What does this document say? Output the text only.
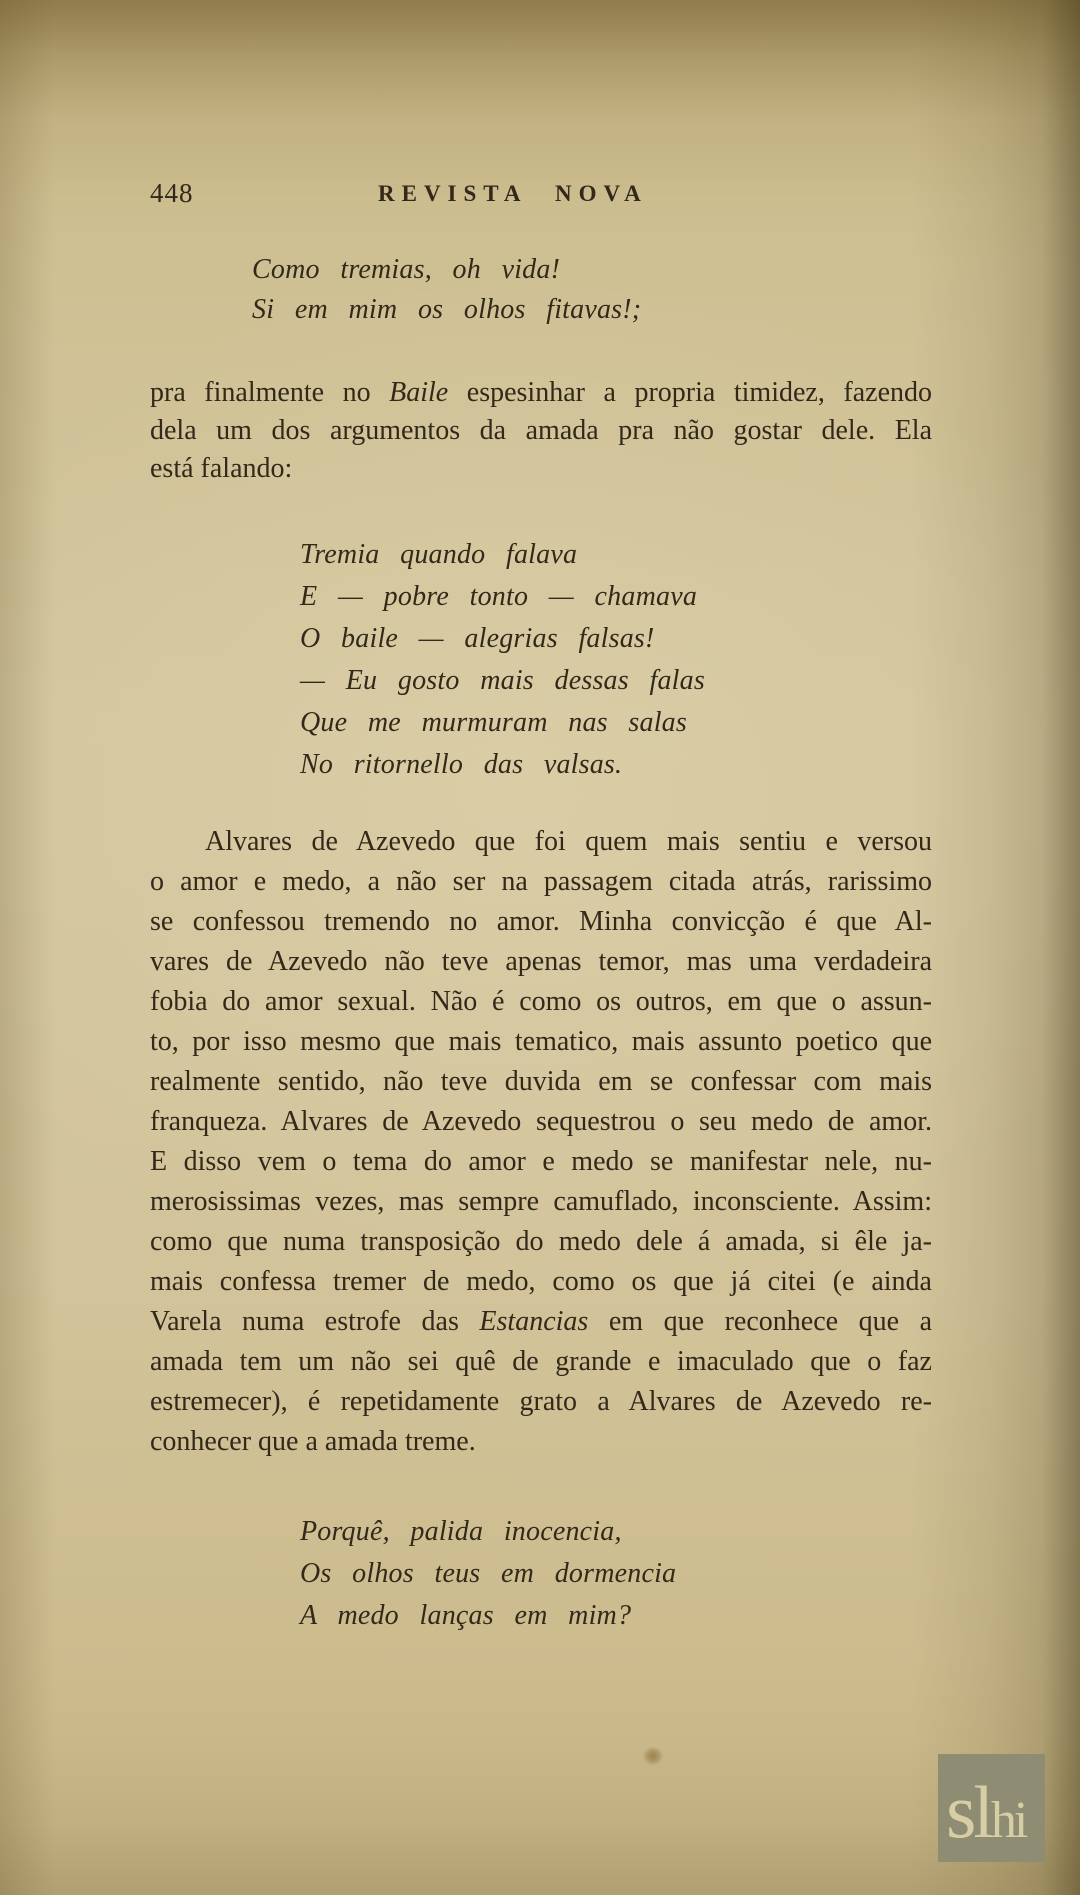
448	REVISTA NOVA
Como tremias, oh vida!
Si em mim os olhos fitavas!;
pra finalmente no Baile espesinhar a propria timidez, fazendo
dela um dos argumentos da amada pra não gostar dele. Ela
está falando:
Tremia quando falava
E — pobre tonto — chamava
O baile — alegrias falsas!
— Eu gosto mais dessas falas
Que me murmuram nas salas
No ritornello das valsas.
Alvares de Azevedo que foi quem mais sentiu e versou
o amor e medo, a não ser na passagem citada atrás, rarissimo
se confessou tremendo no amor. Minha convicção é que Al-
vares de Azevedo não teve apenas temor, mas uma verdadeira
fobia do amor sexual. Não é como os outros, em que o assun-
to, por isso mesmo que mais tematico, mais assunto poetico que
realmente sentido, não teve duvida em se confessar com mais
franqueza. Alvares de Azevedo sequestrou o seu medo de amor.
E disso vem o tema do amor e medo se manifestar nele, nu-
merosissimas vezes, mas sempre camuflado, inconsciente. Assim:
como que numa transposição do medo dele á amada, si êle ja-
mais confessa tremer de medo, como os que já citei (e ainda
Varela numa estrofe das Estancias em que reconhece que a
amada tem um não sei quê de grande e imaculado que o faz
estremecer), é repetidamente grato a Alvares de Azevedo re-
conhecer que a amada treme.
Porquê, palida inocencia,
Os olhos teus em dormencia
A medo lanças em mim?
slhi
